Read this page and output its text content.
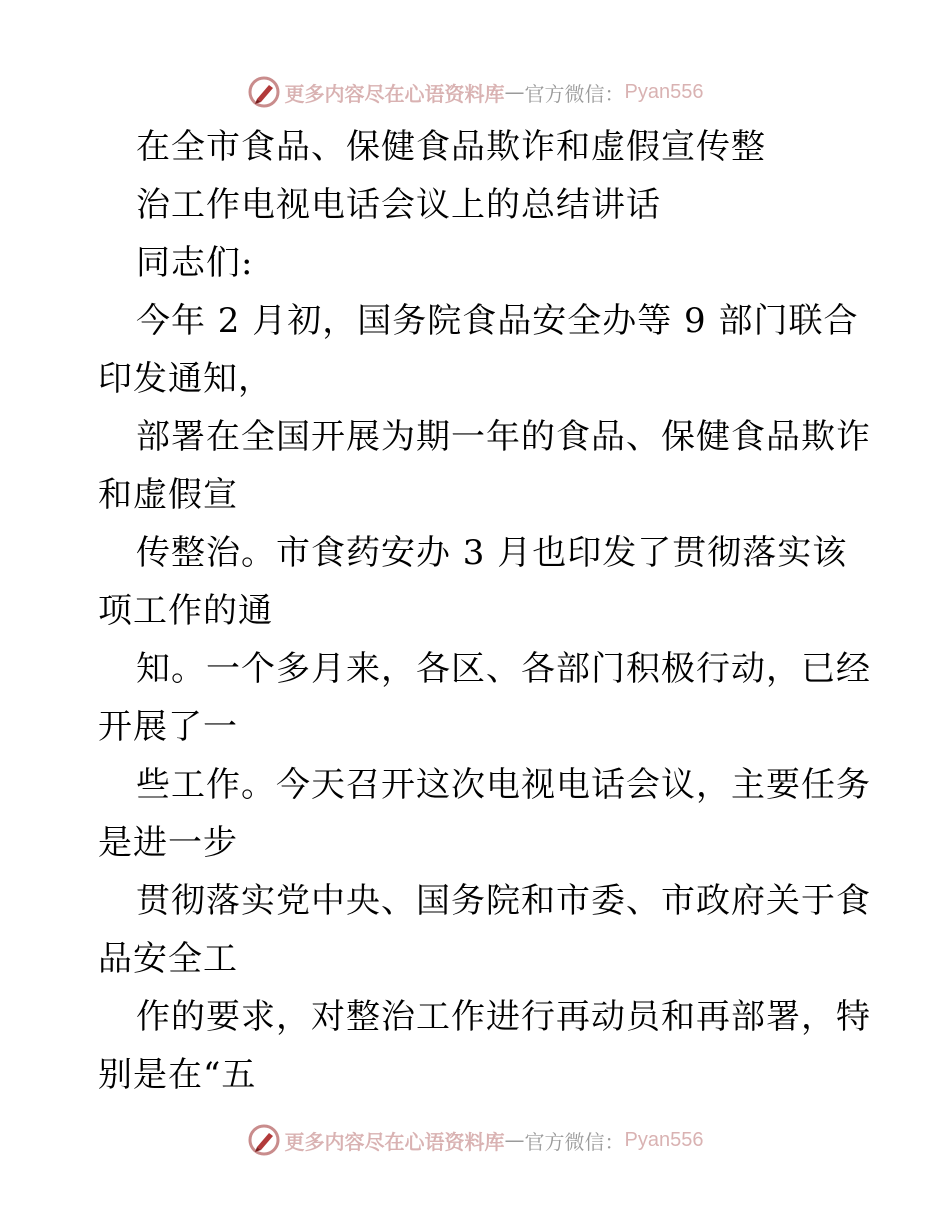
更多内容尽在心语资料库 — 官方微信： Pyan556
在全市食品、保健食品欺诈和虚假宣传整
治工作电视电话会议上的总结讲话
同志们:
今年 2 月初，国务院食品安全办等 9 部门联合
印发通知，
部署在全国开展为期一年的食品、保健食品欺诈
和虚假宣
传整治。市食药安办 3 月也印发了贯彻落实该
项工作的通
知。一个多月来，各区、各部门积极行动，已经
开展了一
些工作。今天召开这次电视电话会议，主要任务
是进一步
贯彻落实党中央、国务院和市委、市政府关于食
品安全工
作的要求，对整治工作进行再动员和再部署，特
别是在“五
更多内容尽在心语资料库 — 官方微信： Pyan556
